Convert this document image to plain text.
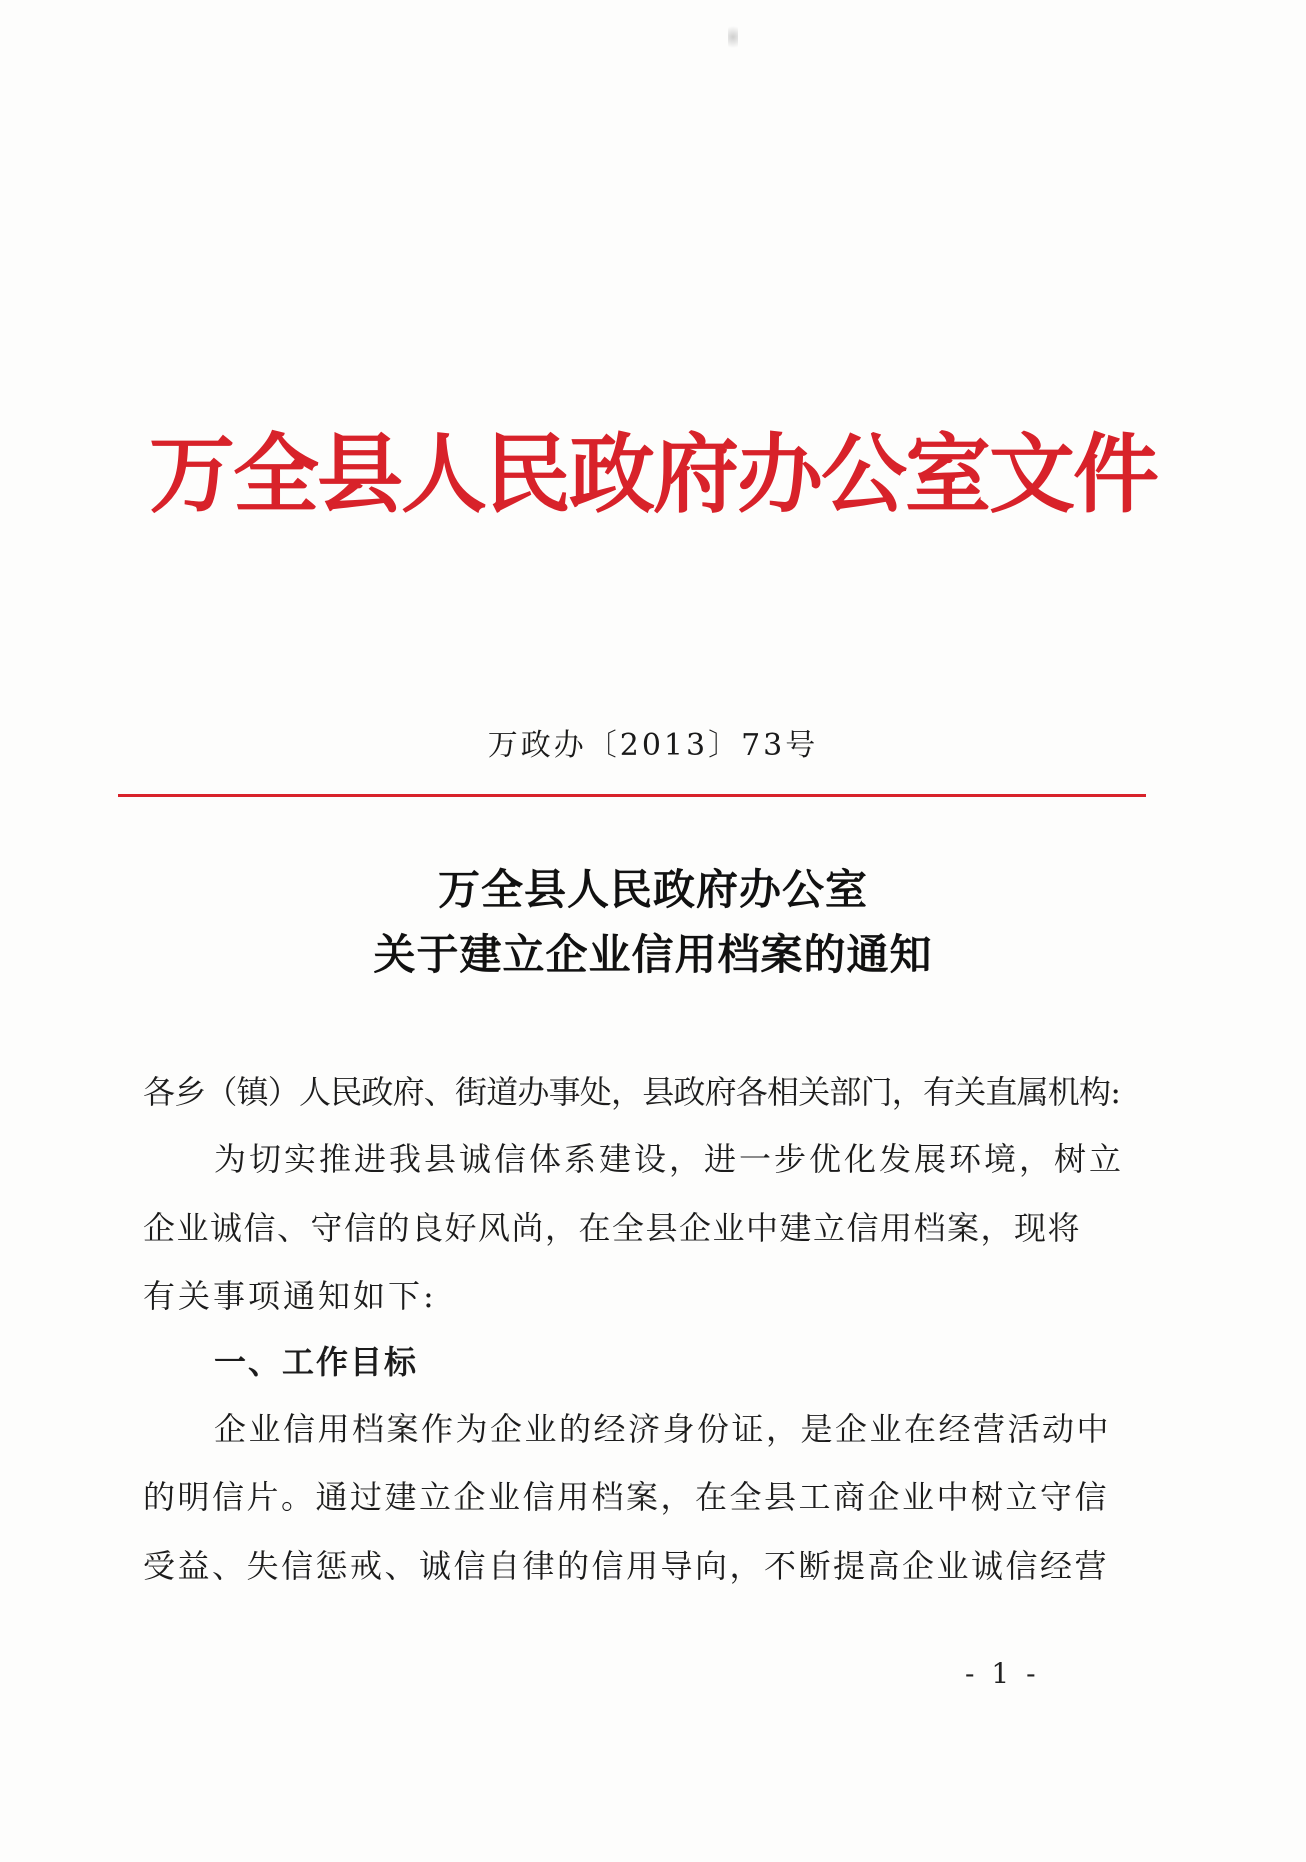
万全县人民政府办公室文件
万政办〔2013〕73号
万全县人民政府办公室
关于建立企业信用档案的通知
各乡（镇）人民政府、街道办事处，县政府各相关部门，有关直属机构:
为切实推进我县诚信体系建设，进一步优化发展环境，树立
企业诚信、守信的良好风尚，在全县企业中建立信用档案，现将
有关事项通知如下:
一、工作目标
企业信用档案作为企业的经济身份证，是企业在经营活动中
的明信片。通过建立企业信用档案，在全县工商企业中树立守信
受益、失信惩戒、诚信自律的信用导向，不断提高企业诚信经营
- 1 -
